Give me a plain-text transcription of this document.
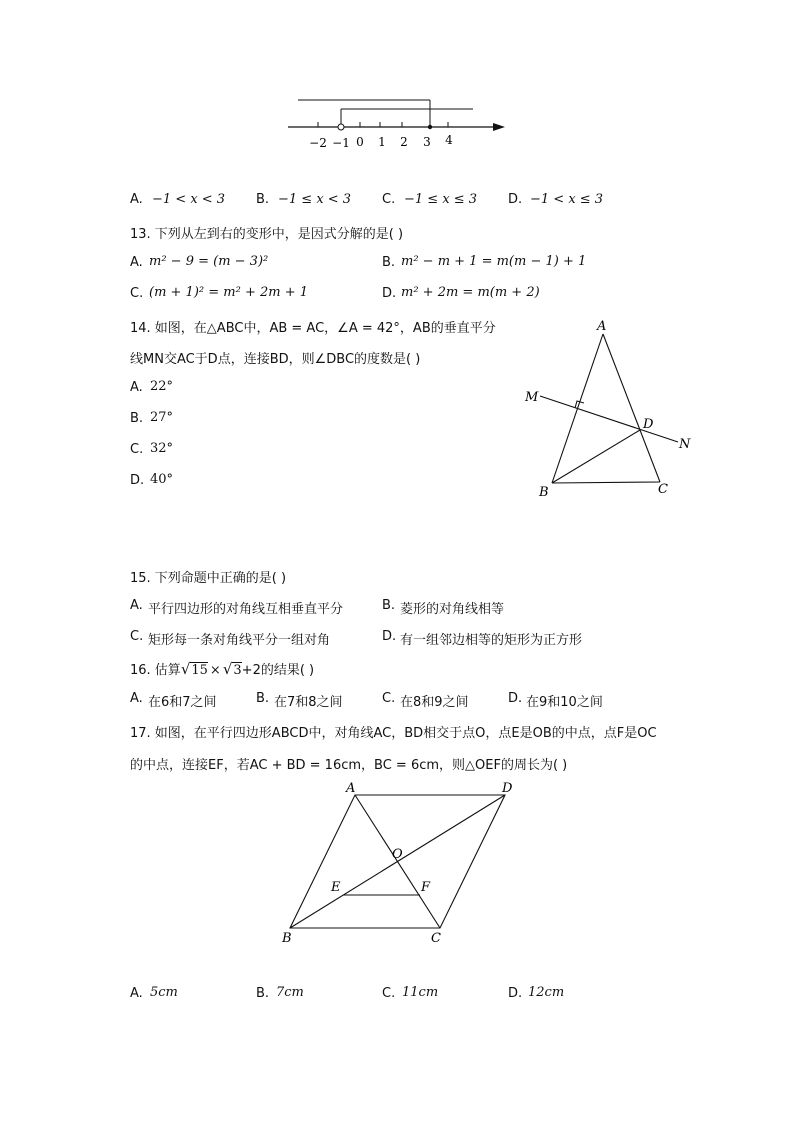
−2 −1 0 1 2 3 4
A. −1 < x < 3 B. −1 ≤ x < 3 C. −1 ≤ x ≤ 3 D. −1 < x ≤ 3
13. 下列从左到右的变形中，是因式分解的是( )
A. m² − 9 = (m − 3)²	B. m² − m + 1 = m(m − 1) + 1
C. (m + 1)² = m² + 2m + 1	D. m² + 2m = m(m + 2)
14. 如图，在△ABC中，AB = AC，∠A = 42°，AB的垂直平分
线MN交AC于D点，连接BD，则∠DBC的度数是( )
A. 22°
B. 27°
C. 32°
D. 40°
A
M
D
N
B	C
15. 下列命题中正确的是( )
A. 平行四边形的对角线互相垂直平分	B. 菱形的对角线相等
C. 矩形每一条对角线平分一组对角	D. 有一组邻边相等的矩形为正方形
16. 估算√15 × √3+2的结果( )
A. 在6和7之间	B. 在7和8之间	C. 在8和9之间	D. 在9和10之间
17. 如图，在平行四边形ABCD中，对角线AC，BD相交于点O，点E是OB的中点，点F是OC
的中点，连接EF，若AC + BD = 16cm，BC = 6cm，则△OEF的周长为( )
A	D
O
E	F
B	C
A. 5cm	B. 7cm	C. 11cm	D. 12cm
